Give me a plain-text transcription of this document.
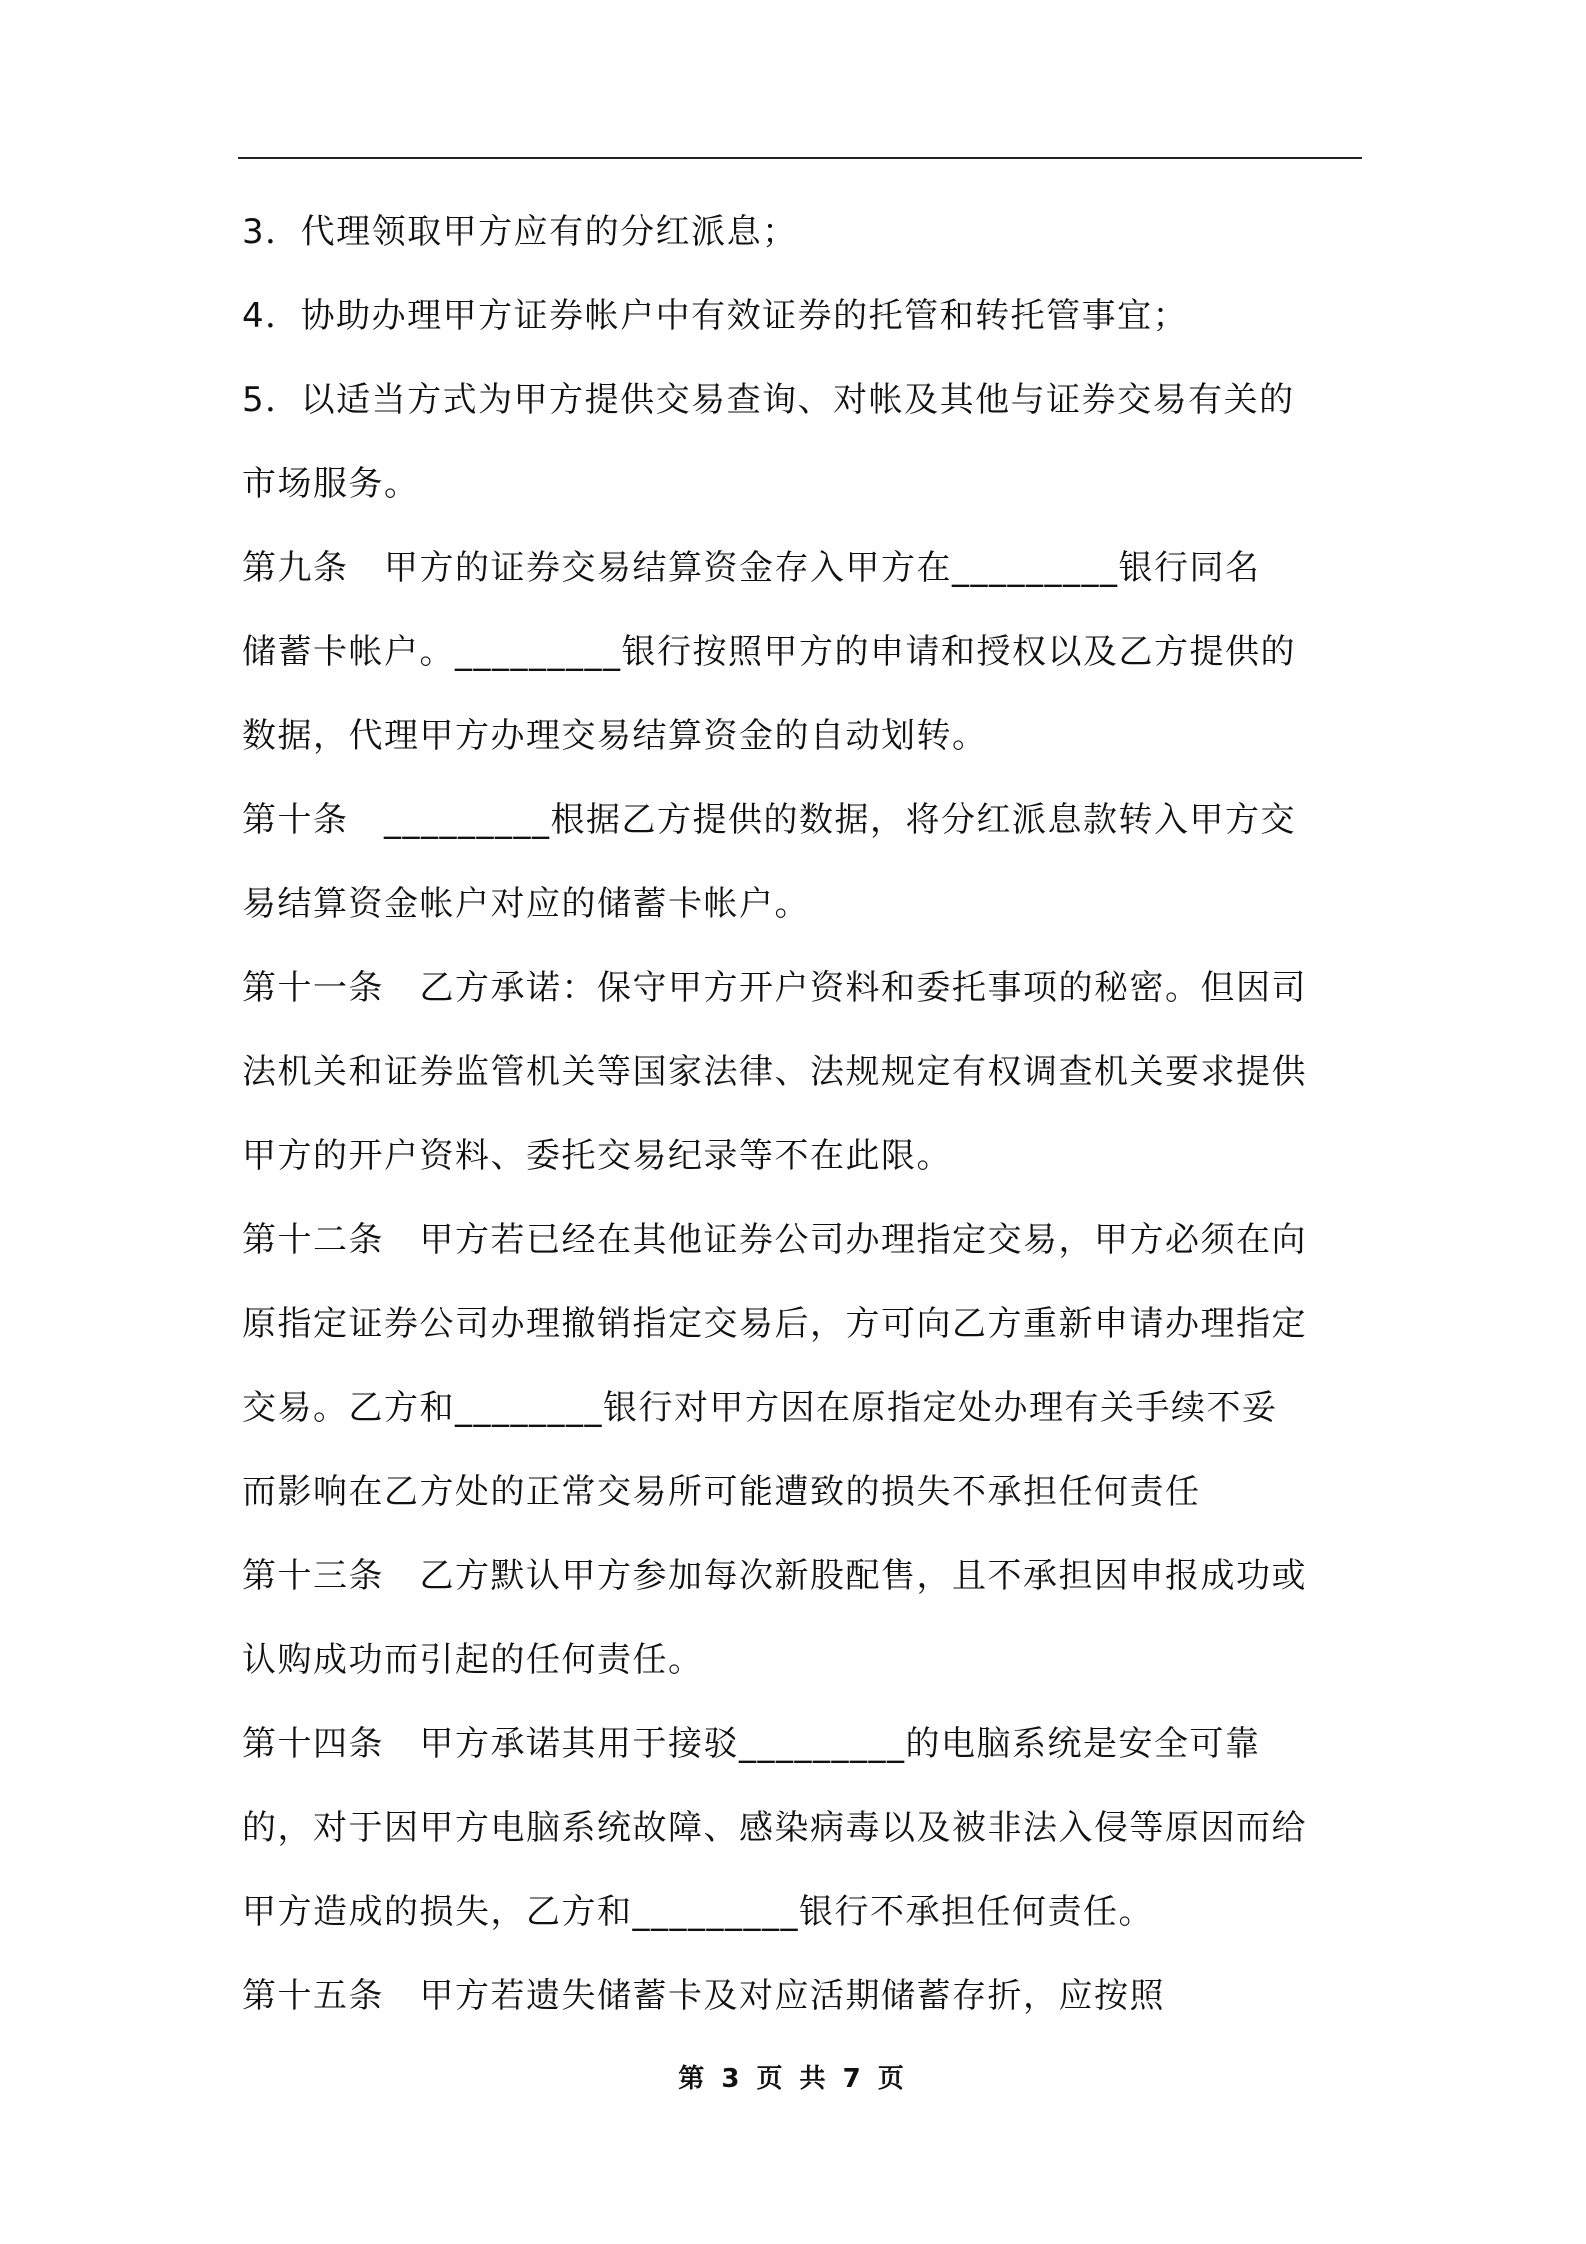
3．代理领取甲方应有的分红派息；
4．协助办理甲方证券帐户中有效证券的托管和转托管事宜；
5．以适当方式为甲方提供交易查询、对帐及其他与证券交易有关的
市场服务。
第九条　甲方的证券交易结算资金存入甲方在_________银行同名
储蓄卡帐户。_________银行按照甲方的申请和授权以及乙方提供的
数据，代理甲方办理交易结算资金的自动划转。
第十条　_________根据乙方提供的数据，将分红派息款转入甲方交
易结算资金帐户对应的储蓄卡帐户。
第十一条　乙方承诺：保守甲方开户资料和委托事项的秘密。但因司
法机关和证券监管机关等国家法律、法规规定有权调查机关要求提供
甲方的开户资料、委托交易纪录等不在此限。
第十二条　甲方若已经在其他证券公司办理指定交易，甲方必须在向
原指定证券公司办理撤销指定交易后，方可向乙方重新申请办理指定
交易。乙方和________银行对甲方因在原指定处办理有关手续不妥
而影响在乙方处的正常交易所可能遭致的损失不承担任何责任
第十三条　乙方默认甲方参加每次新股配售，且不承担因申报成功或
认购成功而引起的任何责任。
第十四条　甲方承诺其用于接驳_________的电脑系统是安全可靠
的，对于因甲方电脑系统故障、感染病毒以及被非法入侵等原因而给
甲方造成的损失，乙方和_________银行不承担任何责任。
第十五条　甲方若遗失储蓄卡及对应活期储蓄存折，应按照
第 3 页 共 7 页
